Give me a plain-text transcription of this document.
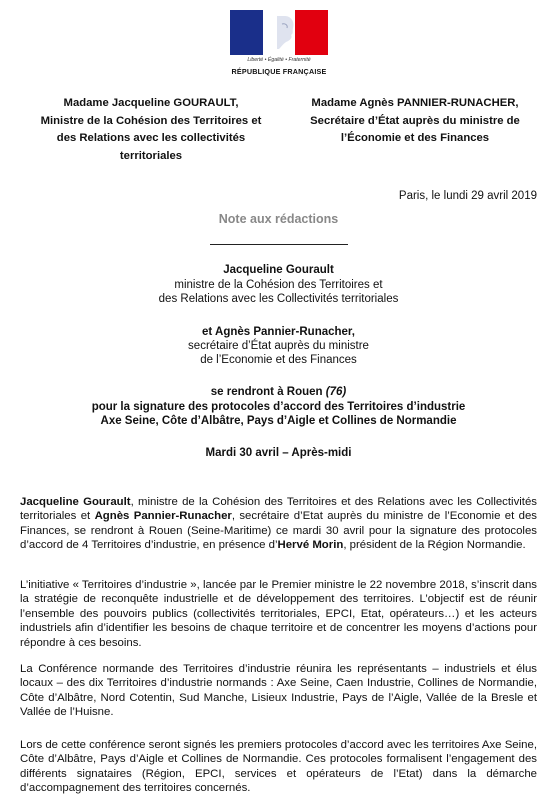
Liberté • Égalité • Fraternité
RÉPUBLIQUE FRANÇAISE
Madame Jacqueline GOURAULT,
Ministre de la Cohésion des Territoires et
des Relations avec les collectivités
territoriales
Madame Agnès PANNIER-RUNACHER,
Secrétaire d’État auprès du ministre de
l’Économie et des Finances
Paris, le lundi 29 avril 2019
Note aux rédactions
Jacqueline Gourault
ministre de la Cohésion des Territoires et
des Relations avec les Collectivités territoriales
et Agnès Pannier-Runacher,
secrétaire d’État auprès du ministre
de l’Economie et des Finances
se rendront à Rouen (76)
pour la signature des protocoles d’accord des Territoires d’industrie
Axe Seine, Côte d’Albâtre, Pays d’Aigle et Collines de Normandie
Mardi 30 avril – Après-midi
Jacqueline Gourault, ministre de la Cohésion des Territoires et des Relations avec les Collectivités territoriales et Agnès Pannier-Runacher, secrétaire d’Etat auprès du ministre de l’Economie et des Finances, se rendront à Rouen (Seine-Maritime) ce mardi 30 avril pour la signature des protocoles d’accord de 4 Territoires d’industrie, en présence d’Hervé Morin, président de la Région Normandie.
L’initiative « Territoires d’industrie », lancée par le Premier ministre le 22 novembre 2018, s’inscrit dans la stratégie de reconquête industrielle et de développement des territoires. L’objectif est de réunir l’ensemble des pouvoirs publics (collectivités territoriales, EPCI, Etat, opérateurs…) et les acteurs industriels afin d’identifier les besoins de chaque territoire et de concentrer les moyens d’actions pour répondre à ces besoins.
La Conférence normande des Territoires d’industrie réunira les représentants – industriels et élus locaux – des dix Territoires d’industrie normands : Axe Seine, Caen Industrie, Collines de Normandie, Côte d’Albâtre, Nord Cotentin, Sud Manche, Lisieux Industrie, Pays de l’Aigle, Vallée de la Bresle et Vallée de l’Huisne.
Lors de cette conférence seront signés les premiers protocoles d’accord avec les territoires Axe Seine, Côte d’Albâtre, Pays d’Aigle et Collines de Normandie. Ces protocoles formalisent l’engagement des différents signataires (Région, EPCI, services et opérateurs de l’Etat) dans la démarche d’accompagnement des territoires concernés.
